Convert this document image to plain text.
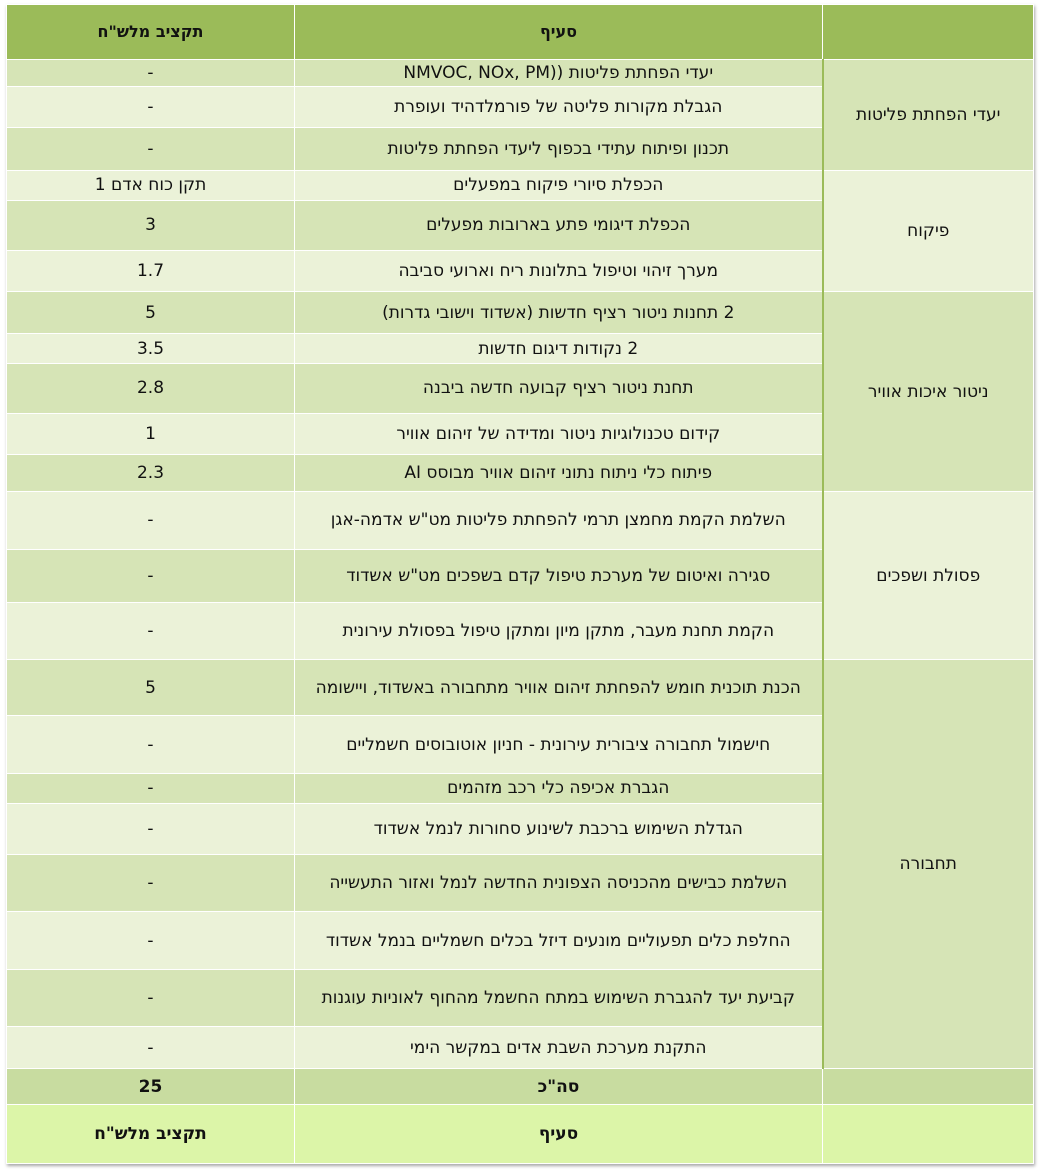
	סעיף	תקציב מלש"ח
יעדי הפחתת פליטות	יעדי הפחתת פליטות ((NMVOC, NOx, PM	-
	הגבלת מקורות פליטה של פורמלדהיד ועופרת	-
	תכנון ופיתוח עתידי בכפוף ליעדי הפחתת פליטות	-
פיקוח	הכפלת סיורי פיקוח במפעלים	תקן כוח אדם 1
	הכפלת דיגומי פתע בארובות מפעלים	3
	מערך זיהוי וטיפול בתלונות ריח וארועי סביבה	1.7
ניטור איכות אוויר	2 תחנות ניטור רציף חדשות (אשדוד וישובי גדרות)	5
	2 נקודות דיגום חדשות	3.5
	תחנת ניטור רציף קבועה חדשה ביבנה	2.8
	קידום טכנולוגיות ניטור ומדידה של זיהום אוויר	1
	פיתוח כלי ניתוח נתוני זיהום אוויר מבוסס AI	2.3
פסולת ושפכים	השלמת הקמת מחמצן תרמי להפחתת פליטות מט"ש אדמה-אגן	-
	סגירה ואיטום של מערכת טיפול קדם בשפכים מט"ש אשדוד	-
	הקמת תחנת מעבר, מתקן מיון ומתקן טיפול בפסולת עירונית	-
תחבורה	הכנת תוכנית חומש להפחתת זיהום אוויר מתחבורה באשדוד, ויישומה	5
	חישמול תחבורה ציבורית עירונית - חניון אוטובוסים חשמליים	-
	הגברת אכיפה כלי רכב מזהמים	-
	הגדלת השימוש ברכבת לשינוע סחורות לנמל אשדוד	-
	השלמת כבישים מהכניסה הצפונית החדשה לנמל ואזור התעשייה	-
	החלפת כלים תפעוליים מונעים דיזל בכלים חשמליים בנמל אשדוד	-
	קביעת יעד להגברת השימוש במתח החשמל מהחוף לאוניות עוגנות	-
	התקנת מערכת השבת אדים במקשר הימי	-
	סה"כ	25
	סעיף	תקציב מלש"ח
